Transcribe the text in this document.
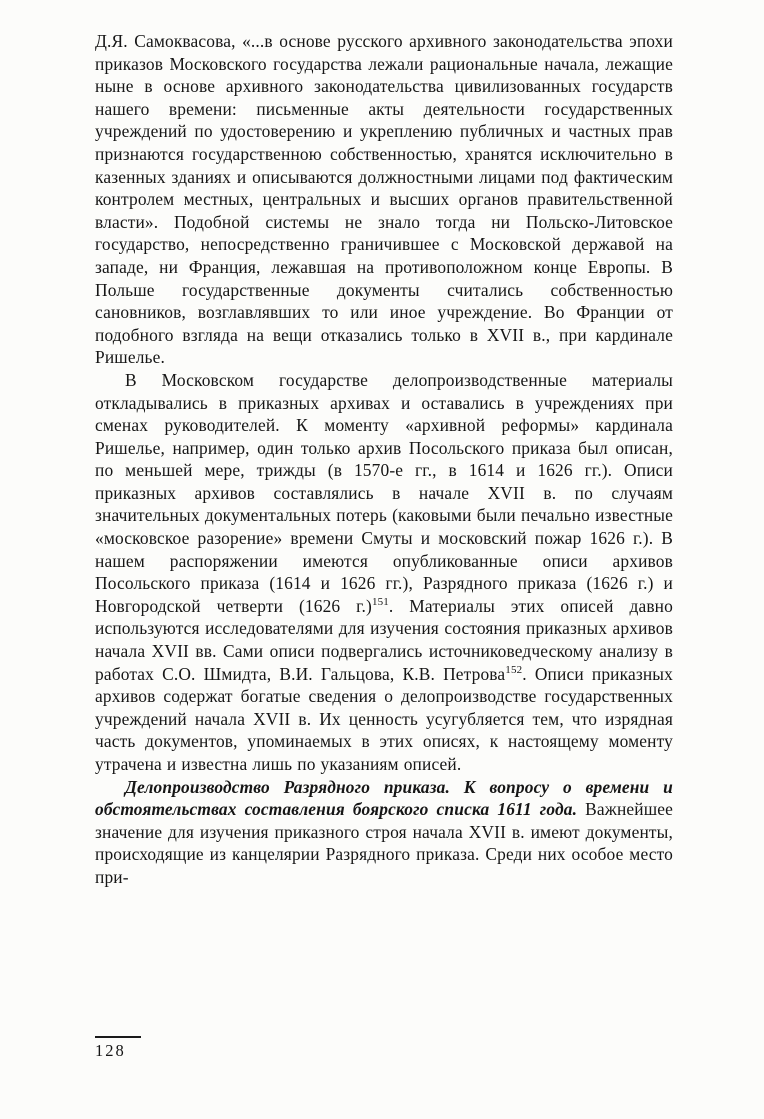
Д.Я. Самоквасова, «...в основе русского архивного законодательства эпохи приказов Московского государства лежали рациональные начала, лежащие ныне в основе архивного законодательства цивилизованных государств нашего времени: письменные акты деятельности государственных учреждений по удостоверению и укреплению публичных и частных прав признаются государственною собственностью, хранятся исключительно в казенных зданиях и описываются должностными лицами под фактическим контролем местных, центральных и высших органов правительственной власти». Подобной системы не знало тогда ни Польско-Литовское государство, непосредственно граничившее с Московской державой на западе, ни Франция, лежавшая на противоположном конце Европы. В Польше государственные документы считались собственностью сановников, возглавлявших то или иное учреждение. Во Франции от подобного взгляда на вещи отказались только в XVII в., при кардинале Ришелье.

В Московском государстве делопроизводственные материалы откладывались в приказных архивах и оставались в учреждениях при сменах руководителей. К моменту «архивной реформы» кардинала Ришелье, например, один только архив Посольского приказа был описан, по меньшей мере, трижды (в 1570-е гг., в 1614 и 1626 гг.). Описи приказных архивов составлялись в начале XVII в. по случаям значительных документальных потерь (каковыми были печально известные «московское разорение» времени Смуты и московский пожар 1626 г.). В нашем распоряжении имеются опубликованные описи архивов Посольского приказа (1614 и 1626 гг.), Разрядного приказа (1626 г.) и Новгородской четверти (1626 г.)$^{151}$. Материалы этих описей давно используются исследователями для изучения состояния приказных архивов начала XVII вв. Сами описи подвергались источниковедческому анализу в работах С.О. Шмидта, В.И. Гальцова, К.В. Петрова$^{152}$. Описи приказных архивов содержат богатые сведения о делопроизводстве государственных учреждений начала XVII в. Их ценность усугубляется тем, что изрядная часть документов, упоминаемых в этих описях, к настоящему моменту утрачена и известна лишь по указаниям описей.

Делопроизводство Разрядного приказа. К вопросу о времени и обстоятельствах составления боярского списка 1611 года. Важнейшее значение для изучения приказного строя начала XVII в. имеют документы, происходящие из канцелярии Разрядного приказа. Среди них особое место при-

128
